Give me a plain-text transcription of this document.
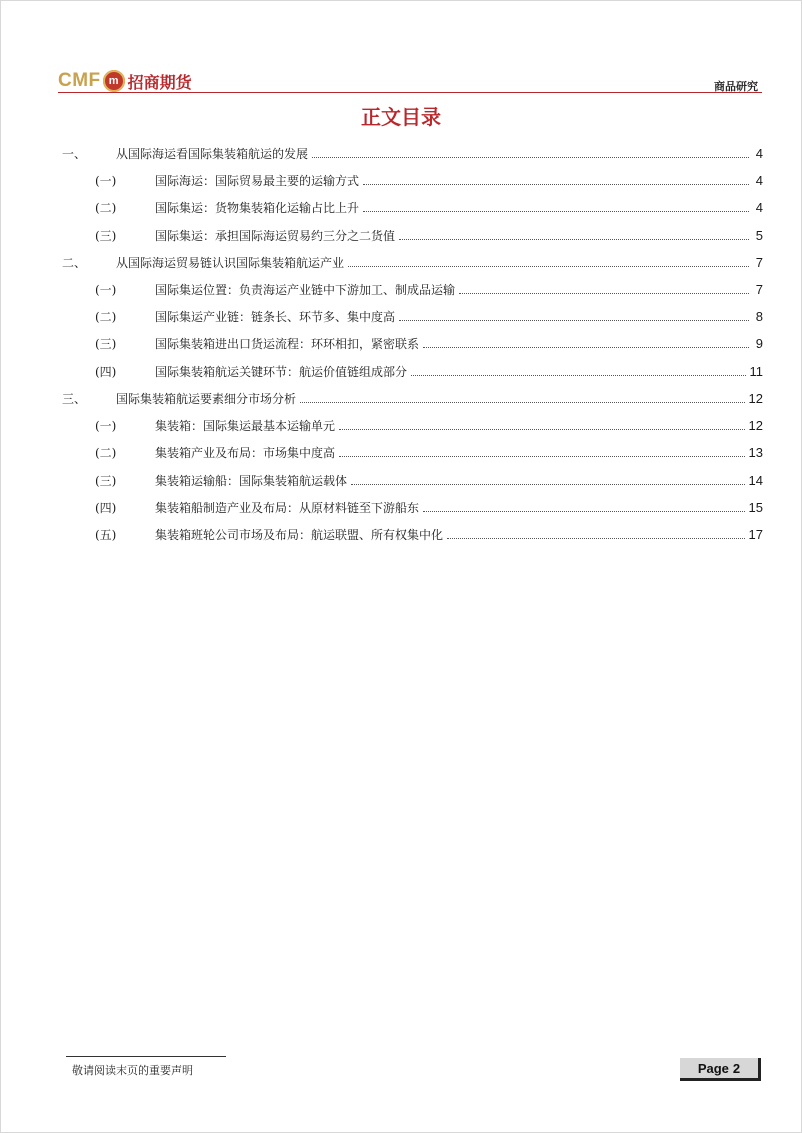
CMF m 招商期货	商品研究
正文目录
一、	从国际海运看国际集装箱航运的发展	4
(一)	国际海运：国际贸易最主要的运输方式	4
(二)	国际集运：货物集装箱化运输占比上升	4
(三)	国际集运：承担国际海运贸易约三分之二货值	5
二、	从国际海运贸易链认识国际集装箱航运产业	7
(一)	国际集运位置：负责海运产业链中下游加工、制成品运输	7
(二)	国际集运产业链：链条长、环节多、集中度高	8
(三)	国际集装箱进出口货运流程：环环相扣，紧密联系	9
(四)	国际集装箱航运关键环节：航运价值链组成部分	11
三、	国际集装箱航运要素细分市场分析	12
(一)	集装箱：国际集运最基本运输单元	12
(二)	集装箱产业及布局：市场集中度高	13
(三)	集装箱运输船：国际集装箱航运载体	14
(四)	集装箱船制造产业及布局：从原材料链至下游船东	15
(五)	集装箱班轮公司市场及布局：航运联盟、所有权集中化	17
敬请阅读末页的重要声明	Page 2
